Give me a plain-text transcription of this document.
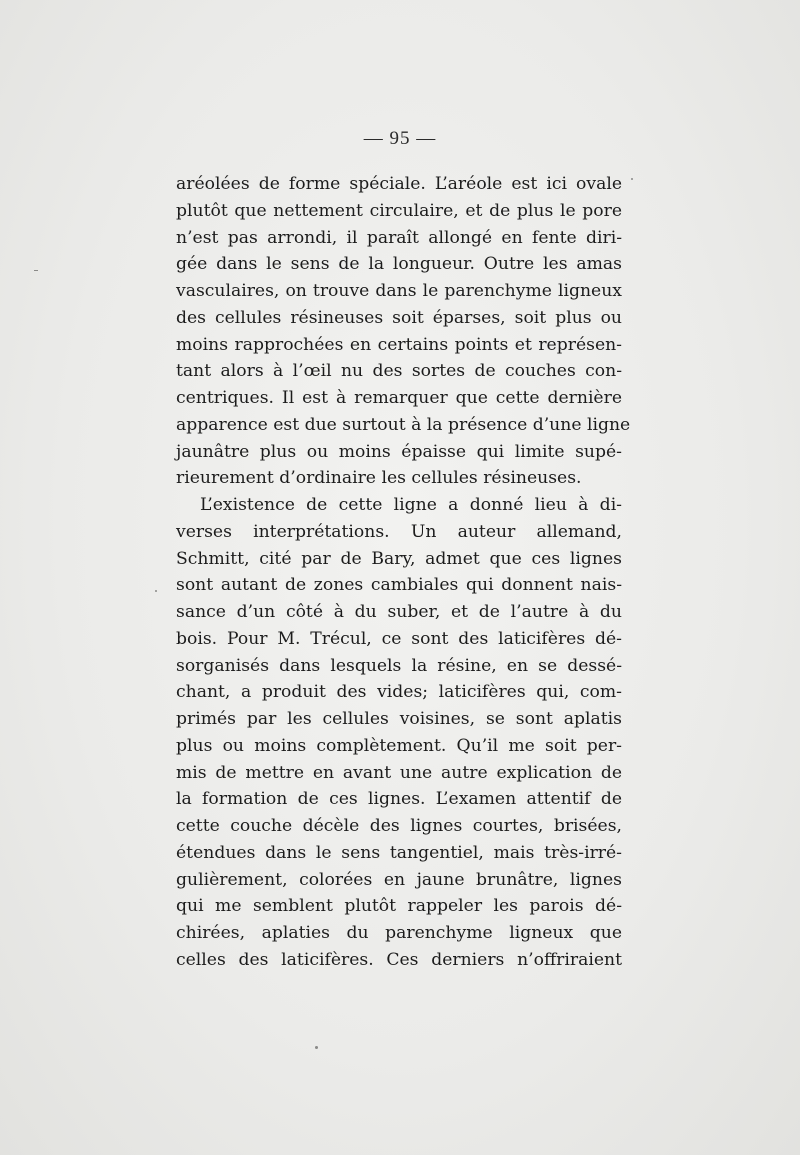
— 95 —
aréolées de forme spéciale. L’aréole est ici ovale
plutôt que nettement circulaire, et de plus le pore
n’est pas arrondi, il paraît allongé en fente diri-
gée dans le sens de la longueur. Outre les amas
vasculaires, on trouve dans le parenchyme ligneux
des cellules résineuses soit éparses, soit plus ou
moins rapprochées en certains points et représen-
tant alors à l’œil nu des sortes de couches con-
centriques. Il est à remarquer que cette dernière
apparence est due surtout à la présence d’une ligne
jaunâtre plus ou moins épaisse qui limite supé-
rieurement d’ordinaire les cellules résineuses.
L’existence de cette ligne a donné lieu à di-
verses interprétations. Un auteur allemand,
Schmitt, cité par de Bary, admet que ces lignes
sont autant de zones cambiales qui donnent nais-
sance d’un côté à du suber, et de l’autre à du
bois. Pour M. Trécul, ce sont des laticifères dé-
sorganisés dans lesquels la résine, en se dessé-
chant, a produit des vides; laticifères qui, com-
primés par les cellules voisines, se sont aplatis
plus ou moins complètement. Qu’il me soit per-
mis de mettre en avant une autre explication de
la formation de ces lignes. L’examen attentif de
cette couche décèle des lignes courtes, brisées,
étendues dans le sens tangentiel, mais très-irré-
gulièrement, colorées en jaune brunâtre, lignes
qui me semblent plutôt rappeler les parois dé-
chirées, aplaties du parenchyme ligneux que
celles des laticifères. Ces derniers n’offriraient
